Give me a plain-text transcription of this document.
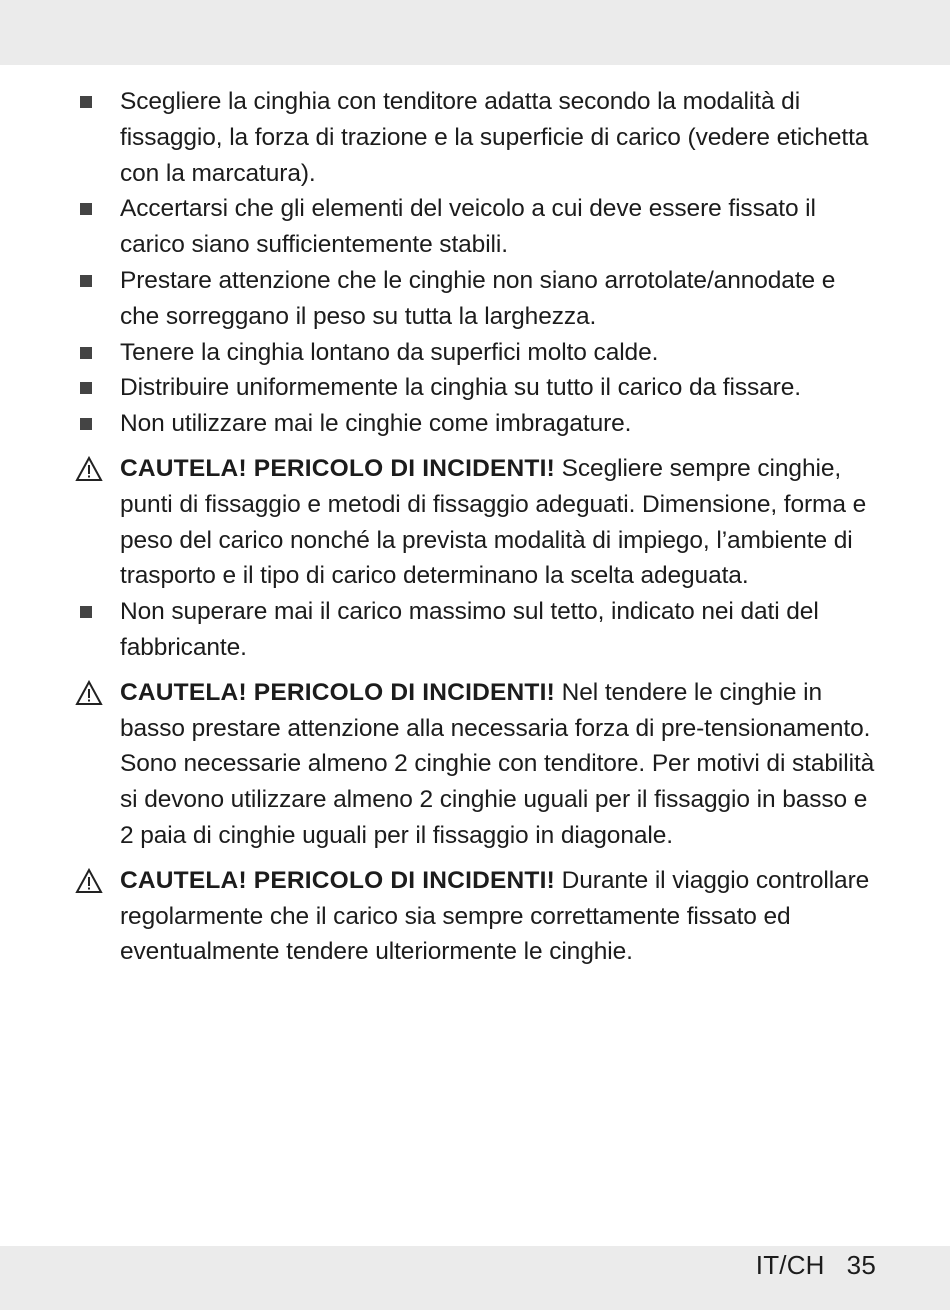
Scegliere la cinghia con tenditore adatta secondo la modalità di fissaggio, la forza di trazione e la superficie di carico (vedere etichetta con la marcatura).
Accertarsi che gli elementi del veicolo a cui deve essere fissato il carico siano sufficientemente stabili.
Prestare attenzione che le cinghie non siano arrotolate/annodate e che sorreggano il peso su tutta la larghezza.
Tenere la cinghia lontano da superfici molto calde.
Distribuire uniformemente la cinghia su tutto il carico da fissare.
Non utilizzare mai le cinghie come imbragature.
CAUTELA! PERICOLO DI INCIDENTI! Scegliere sempre cinghie, punti di fissaggio e metodi di fissaggio adeguati. Dimensione, forma e peso del carico nonché la prevista modalità di impiego, l’ambiente di trasporto e il tipo di carico determinano la scelta adeguata.
Non superare mai il carico massimo sul tetto, indicato nei dati del fabbricante.
CAUTELA! PERICOLO DI INCIDENTI! Nel tendere le cinghie in basso prestare attenzione alla necessaria forza di pre-tensionamento. Sono necessarie almeno 2 cinghie con tenditore. Per motivi di stabilità si devono utilizzare almeno 2 cinghie uguali per il fissaggio in basso e 2 paia di cinghie uguali per il fissaggio in diagonale.
CAUTELA! PERICOLO DI INCIDENTI! Durante il viaggio controllare regolarmente che il carico sia sempre correttamente fissato ed eventualmente tendere ulteriormente le cinghie.
IT/CH 35
